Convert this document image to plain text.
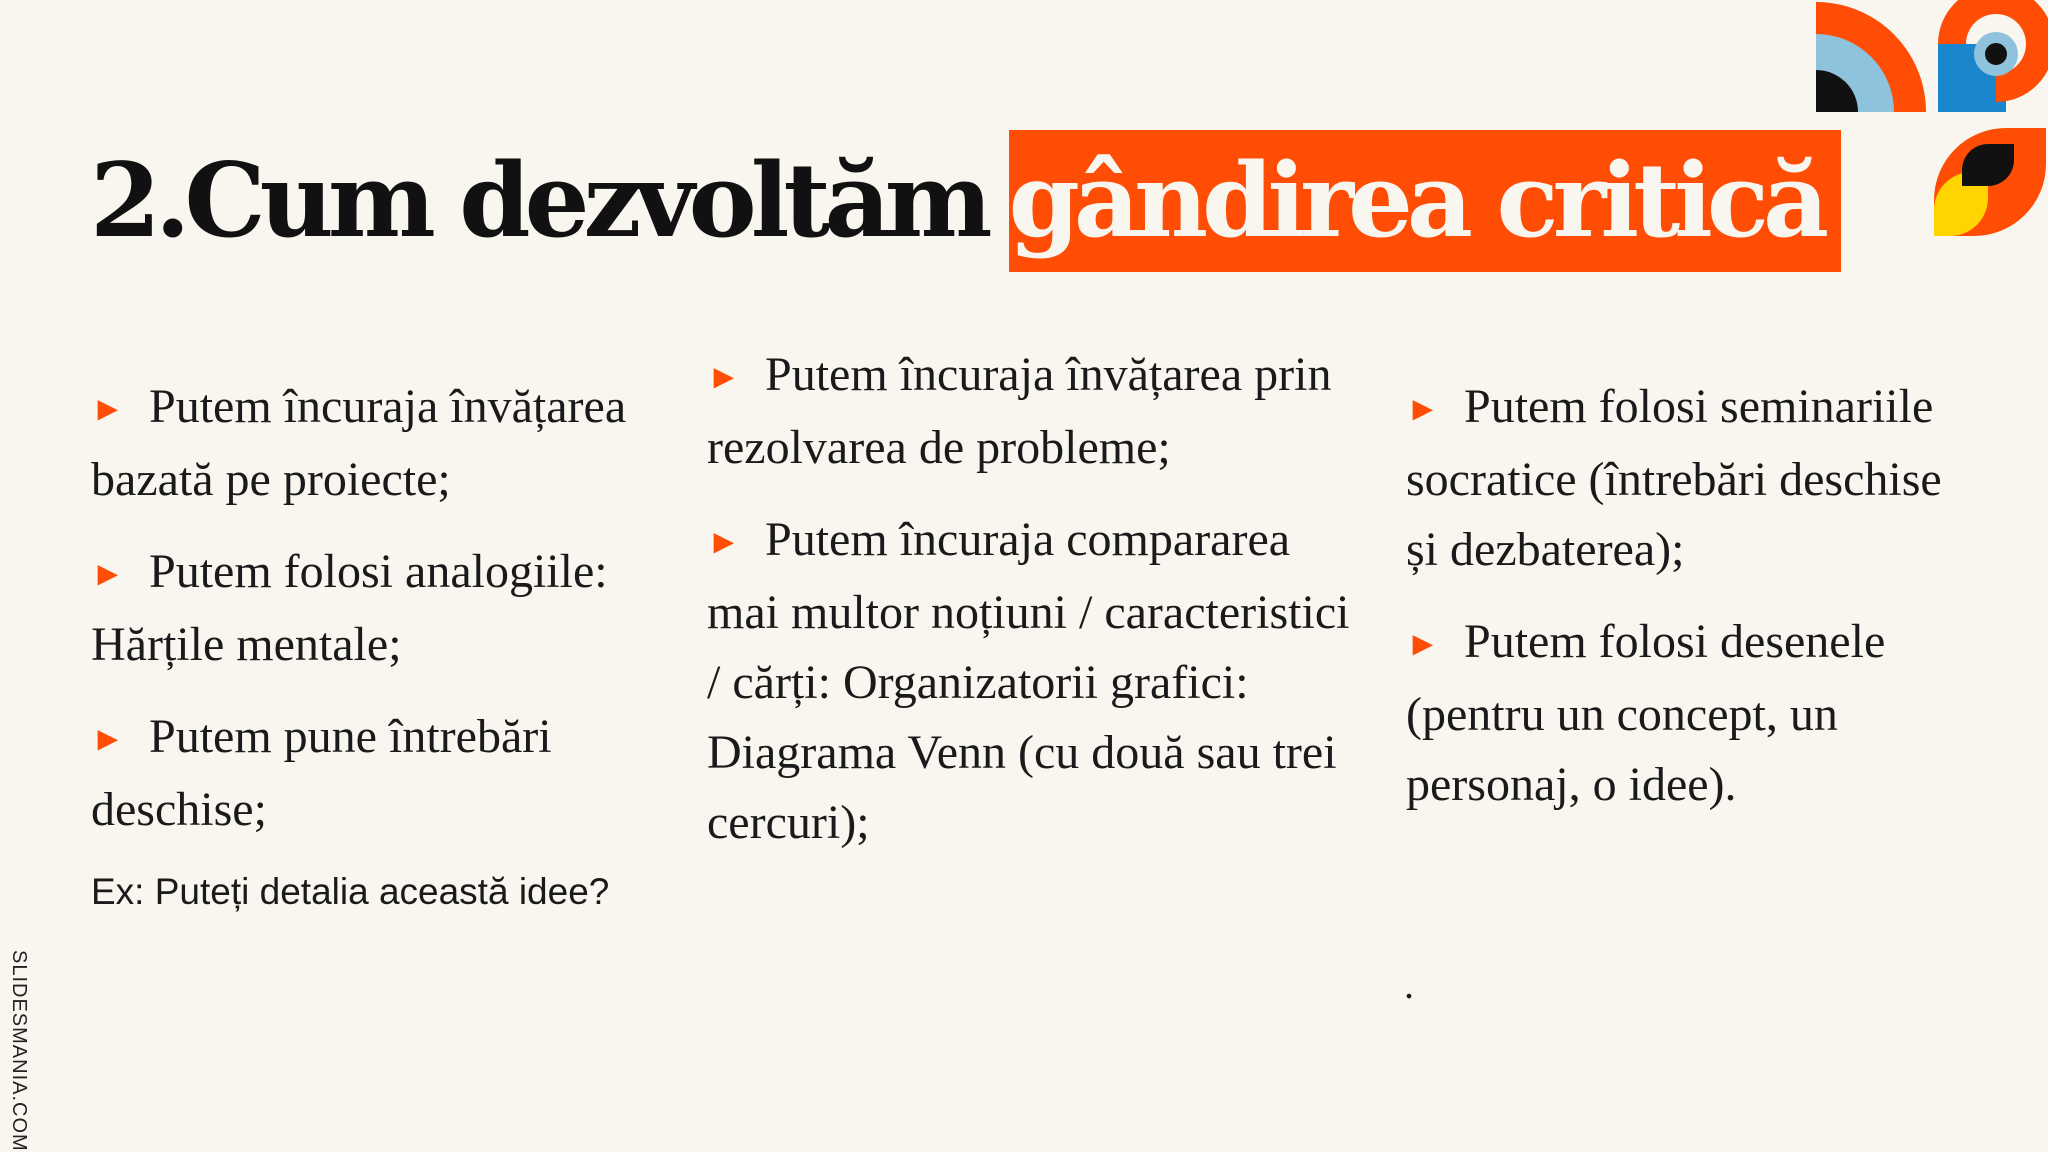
2.Cum dezvoltăm gândirea critică
► Putem încuraja învățarea bazată pe proiecte;
► Putem folosi analogiile: Hărțile mentale;
► Putem pune întrebări deschise;
Ex: Puteți detalia această idee?
► Putem încuraja învățarea prin rezolvarea de probleme;
► Putem încuraja compararea mai multor noțiuni / caracteristici / cărți: Organizatorii grafici: Diagrama Venn (cu două sau trei cercuri);
► Putem folosi seminariile socratice (întrebări deschise și dezbaterea);
► Putem folosi desenele (pentru un concept, un personaj, o idee).
.
SLIDESMANIA.COM
